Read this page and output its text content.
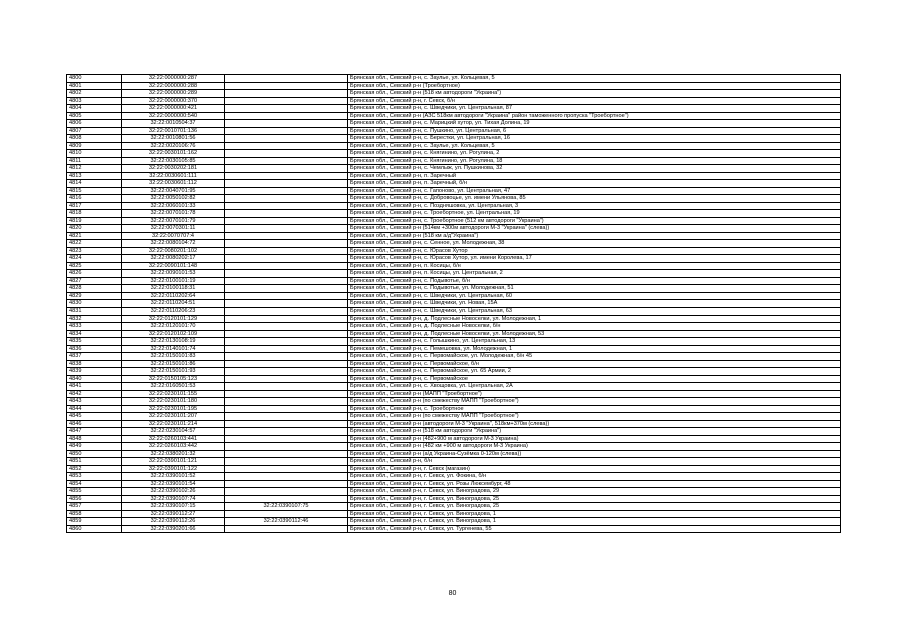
4800	32:22:0000000:287		Брянская обл., Севский р-н, с. Заулье, ул. Кольцевая, 5
4801	32:22:0000000:288		Брянская обл., Севский р-н (Троебортное)
4802	32:22:0000000:289		Брянская обл., Севский р-н (518 км автодороги "Украина")
4803	32:22:0000000:370		Брянская обл., Севский р-н, г. Севск, б/н
4804	32:22:0000000:421		Брянская обл., Севский р-н, с. Шведчики, ул. Центральная, 87
4805	32:22:0000000:540		Брянская обл., Севский р-н (АЗС 518км автодороги "Украина" район таможенного пропуска "Троебортное")
4806	32:22:0010504:37		Брянская обл., Севский р-н, с. Марицкий хутор, ул. Тихая Долина, 19
4807	32:22:0010701:136		Брянская обл., Севский р-н, с. Пушкино, ул. Центральная, 6
4808	32:22:0010801:56		Брянская обл., Севский р-н, с. Берестки, ул. Центральная, 16
4809	32:22:0020106:76		Брянская обл., Севский р-н, с. Заулье, ул. Кольцевая, 5
4810	32:22:0030101:162		Брянская обл., Севский р-н, с. Княгинино, ул. Рогулина, 2
4811	32:22:0030105:85		Брянская обл., Севский р-н, с. Княгинино, ул. Рогулина, 18
4812	32:22:0030202:181		Брянская обл., Севский р-н, с. Чемлыж, ул. Пушкинова, 32
4813	32:22:0030601:111		Брянская обл., Севский р-н, п. Заречный
4814	32:22:0030601:112		Брянская обл., Севский р-н, п. Заречный, б/н
4815	32:22:0040701:95		Брянская обл., Севский р-н, с. Гапоново, ул. Центральная, 47
4816	32:22:0050102:82		Брянская обл., Севский р-н, с. Добровоцье, ул. имени Ульянова, 85
4817	32:22:0060101:33		Брянская обл., Севский р-н, с. Поздняшовка, ул. Центральная, 3
4818	32:22:0070101:78		Брянская обл., Севский р-н, с. Троебортное, ул. Центральная, 19
4819	32:22:0070101:79		Брянская обл., Севский р-н, с. Троебортное (512 км автодороги "Украина")
4820	32:22:0070301:11		Брянская обл., Севский р-н (514км +300м автодороги М-3 "Украина" (слева))
4821	32:22:0070707:4		Брянская обл., Севский р-н (518 км а/д"Украина")
4822	32:22:0080104:72		Брянская обл., Севский р-н, с. Сенное, ул. Молодежная, 38
4823	32:22:0080201:102		Брянская обл., Севский р-н, с. Юрасов Хутор
4824	32:22:0080202:17		Брянская обл., Севский р-н, с. Юрасов Хутор, ул. имени Королева, 17
4825	32:22:0090101:148		Брянская обл., Севский р-н, п. Косицы, б/н
4826	32:22:0090101:53		Брянская обл., Севский р-н, п. Косицы, ул. Центральная, 2
4827	32:22:0100101:19		Брянская обл., Севский р-н, с. Подывотье, б/н
4828	32:22:0100118:31		Брянская обл., Севский р-н, с. Подывотье, ул. Молодежная, 51
4829	32:22:0110202:64		Брянская обл., Севский р-н, с. Шведчики, ул. Центральная, 60
4830	32:22:0110204:51		Брянская обл., Севский р-н, с. Шведчики, ул. Новая, 15А
4831	32:22:0110206:23		Брянская обл., Севский р-н, с. Шведчики, ул. Центральная, 63
4832	32:22:0120101:129		Брянская обл., Севский р-н, д. Подлесные Новоселки, ул. Молодежная, 1
4833	32:22:0120101:70		Брянская обл., Севский р-н, д. Подлесные Новоселки, б/н
4834	32:22:0120102:109		Брянская обл., Севский р-н, д. Подлесные Новоселки, ул. Молодежная, 53
4835	32:22:0130108:19		Брянская обл., Севский р-н, с. Голышкино, ул. Центральная, 13
4836	32:22:0140101:74		Брянская обл., Севский р-н, с. Пемешовка, ул. Молодежная, 1
4837	32:22:0150101:83		Брянская обл., Севский р-н, с. Первомайское, ул. Молодежная, б/н 45
4838	32:22:0150101:86		Брянская обл., Севский р-н, с. Первомайское, б/н
4839	32:22:0150101:93		Брянская обл., Севский р-н, с. Первомайское, ул. 65 Армии, 2
4840	32:22:0150105:123		Брянская обл., Севский р-н, с. Первомайское
4841	32:22:0160501:53		Брянская обл., Севский р-н, с. Хвощовка, ул. Центральная, 2А
4842	32:22:0230101:155		Брянская обл., Севский р-н (МАПП "Троебортное")
4843	32:22:0230101:180		Брянская обл., Севский р-н (по смежеству МАПП "Троебортное")
4844	32:22:0230101:195		Брянская обл., Севский р-н, с. Троебортное
4845	32:22:0230101:207		Брянская обл., Севский р-н (по смежеству МАПП "Троебортное")
4846	32:22:0230101:214		Брянская обл., Севский р-н (автодороги М-3 "Украина", 518км+370м (слева))
4847	32:22:0230104:57		Брянская обл., Севский р-н (518 км автодороги "Украина")
4848	32:22:0260103:441		Брянская обл., Севский р-н (482+900 м автодороги М-3 Украина)
4849	32:22:0260103:442		Брянская обл., Севский р-н (482 км +900 м автодороги М-3 Украина)
4850	32:22:0380201:32		Брянская обл., Севский р-н (а/д Украина-Сузёмка 0-120м (слева))
4851	32:22:0390101:121		Брянская обл., Севский р-н, б/н
4852	32:22:0390101:122		Брянская обл., Севский р-н, г. Севск (магазин)
4853	32:22:0390101:52		Брянская обл., Севский р-н, г. Севск, ул. Фокина, б/н
4854	32:22:0390101:54		Брянская обл., Севский р-н, г. Севск, ул. Розы Люксембург, 48
4855	32:22:0390102:26		Брянская обл., Севский р-н, г. Севск, ул. Виноградова, 29
4856	32:22:0390107:74		Брянская обл., Севский р-н, г. Севск, ул. Виноградова, 25
4857	32:22:0390107:15	32:22:0390107:75	Брянская обл., Севский р-н, г. Севск, ул. Виноградова, 25
4858	32:22:0390112:27		Брянская обл., Севский р-н, г. Севск, ул. Виноградова, 1
4859	32:22:0390112:26	32:22:0390112:46	Брянская обл., Севский р-н, г. Севск, ул. Виноградова, 1
4860	32:22:0390201:66		Брянская обл., Севский р-н, г. Севск, ул. Тургенева, 55
80
